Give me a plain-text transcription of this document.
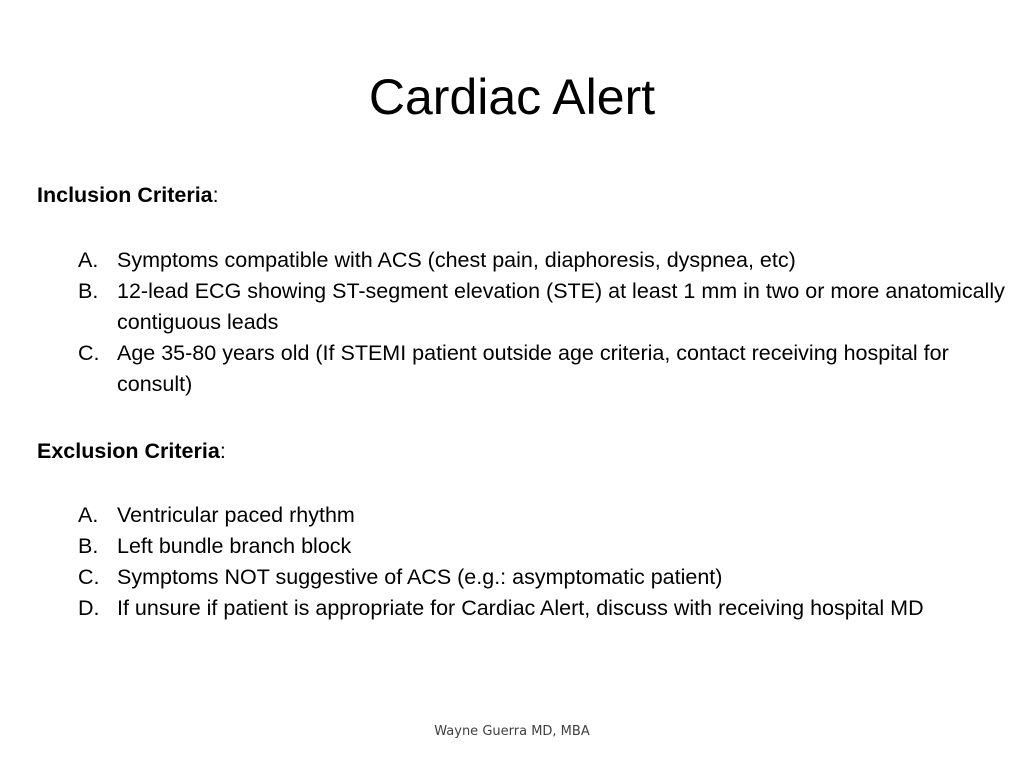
Cardiac Alert

Inclusion Criteria:

A. Symptoms compatible with ACS (chest pain, diaphoresis, dyspnea, etc)
B. 12-lead ECG showing ST-segment elevation (STE) at least 1 mm in two or more anatomically contiguous leads
C. Age 35-80 years old (If STEMI patient outside age criteria, contact receiving hospital for consult)

Exclusion Criteria:

A. Ventricular paced rhythm
B. Left bundle branch block
C. Symptoms NOT suggestive of ACS (e.g.: asymptomatic patient)
D. If unsure if patient is appropriate for Cardiac Alert, discuss with receiving hospital MD
Wayne Guerra MD, MBA
